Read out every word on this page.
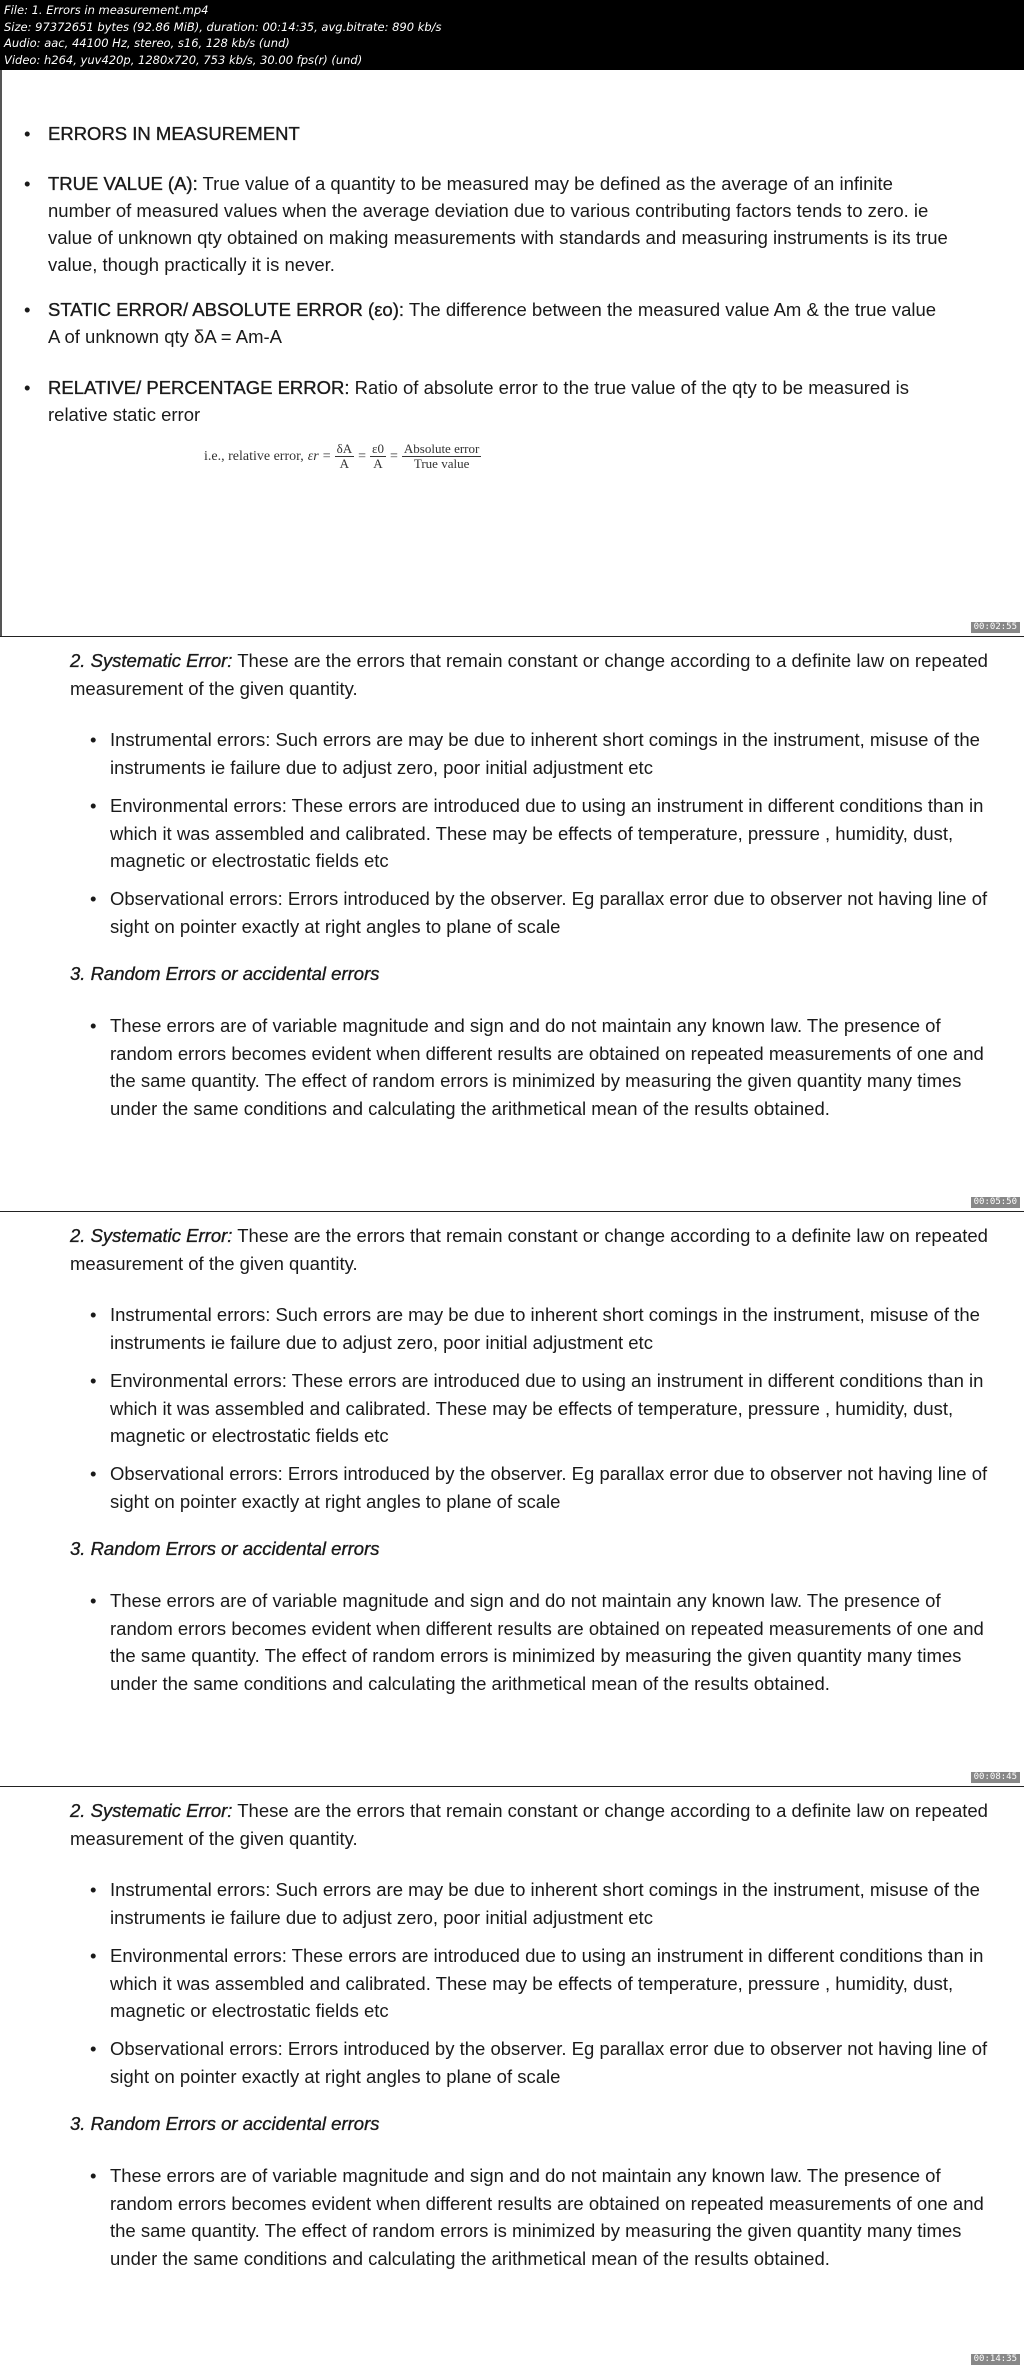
File: 1. Errors in measurement.mp4
Size: 97372651 bytes (92.86 MiB), duration: 00:14:35, avg.bitrate: 890 kb/s
Audio: aac, 44100 Hz, stereo, s16, 128 kb/s (und)
Video: h264, yuv420p, 1280x720, 753 kb/s, 30.00 fps(r) (und)
• ERRORS IN MEASUREMENT
• TRUE VALUE (A): True value of a quantity to be measured may be defined as the average of an infinite number of measured values when the average deviation due to various contributing factors tends to zero. ie value of unknown qty obtained on making measurements with standards and measuring instruments is its true value, though practically it is never.
• STATIC ERROR/ ABSOLUTE ERROR (εo): The difference between the measured value Am & the true value A of unknown qty δA = Am-A
• RELATIVE/ PERCENTAGE ERROR: Ratio of absolute error to the true value of the qty to be measured is relative static error
i.e., relative error, $\varepsilon r = \frac{\delta A}{A} = \frac{\varepsilon 0}{A} = \frac{\text{Absolute error}}{\text{True value}}$
00:02:55
2. Systematic Error: These are the errors that remain constant or change according to a definite law on repeated measurement of the given quantity.
• Instrumental errors: Such errors are may be due to inherent short comings in the instrument, misuse of the instruments ie failure due to adjust zero, poor initial adjustment etc
• Environmental errors: These errors are introduced due to using an instrument in different conditions than in which it was assembled and calibrated. These may be effects of temperature, pressure , humidity, dust, magnetic or electrostatic fields etc
• Observational errors: Errors introduced by the observer. Eg parallax error due to observer not having line of sight on pointer exactly at right angles to plane of scale
3. Random Errors or accidental errors
• These errors are of variable magnitude and sign and do not maintain any known law. The presence of random errors becomes evident when different results are obtained on repeated measurements of one and the same quantity. The effect of random errors is minimized by measuring the given quantity many times under the same conditions and calculating the arithmetical mean of the results obtained.
00:05:50
2. Systematic Error: These are the errors that remain constant or change according to a definite law on repeated measurement of the given quantity.
• Instrumental errors: Such errors are may be due to inherent short comings in the instrument, misuse of the instruments ie failure due to adjust zero, poor initial adjustment etc
• Environmental errors: These errors are introduced due to using an instrument in different conditions than in which it was assembled and calibrated. These may be effects of temperature, pressure , humidity, dust, magnetic or electrostatic fields etc
• Observational errors: Errors introduced by the observer. Eg parallax error due to observer not having line of sight on pointer exactly at right angles to plane of scale
3. Random Errors or accidental errors
• These errors are of variable magnitude and sign and do not maintain any known law. The presence of random errors becomes evident when different results are obtained on repeated measurements of one and the same quantity. The effect of random errors is minimized by measuring the given quantity many times under the same conditions and calculating the arithmetical mean of the results obtained.
00:08:45
2. Systematic Error: These are the errors that remain constant or change according to a definite law on repeated measurement of the given quantity.
• Instrumental errors: Such errors are may be due to inherent short comings in the instrument, misuse of the instruments ie failure due to adjust zero, poor initial adjustment etc
• Environmental errors: These errors are introduced due to using an instrument in different conditions than in which it was assembled and calibrated. These may be effects of temperature, pressure , humidity, dust, magnetic or electrostatic fields etc
• Observational errors: Errors introduced by the observer. Eg parallax error due to observer not having line of sight on pointer exactly at right angles to plane of scale
3. Random Errors or accidental errors
• These errors are of variable magnitude and sign and do not maintain any known law. The presence of random errors becomes evident when different results are obtained on repeated measurements of one and the same quantity. The effect of random errors is minimized by measuring the given quantity many times under the same conditions and calculating the arithmetical mean of the results obtained.
00:14:35
